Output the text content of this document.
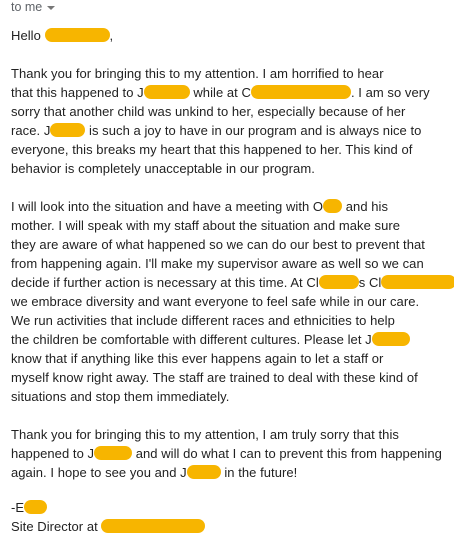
to me
Hello	,
Thank you for bringing this to my attention. I am horrified to hear
that this happened to J	while at C	. I am so very
sorry that another child was unkind to her, especially because of her
race. J	is such a joy to have in our program and is always nice to
everyone, this breaks my heart that this happened to her. This kind of
behavior is completely unacceptable in our program.
I will look into the situation and have a meeting with O and his
mother. I will speak with my staff about the situation and make sure
they are aware of what happened so we can do our best to prevent that
from happening again. I'll make my supervisor aware as well so we can
decide if further action is necessary at this time. At Cl	s Cl
we embrace diversity and want everyone to feel safe while in our care.
We run activities that include different races and ethnicities to help
the children be comfortable with different cultures. Please let J
know that if anything like this ever happens again to let a staff or
myself know right away. The staff are trained to deal with these kind of
situations and stop them immediately.
Thank you for bringing this to my attention, I am truly sorry that this
happened to J	and will do what I can to prevent this from happening
again. I hope to see you and J	in the future!
-E
Site Director at
